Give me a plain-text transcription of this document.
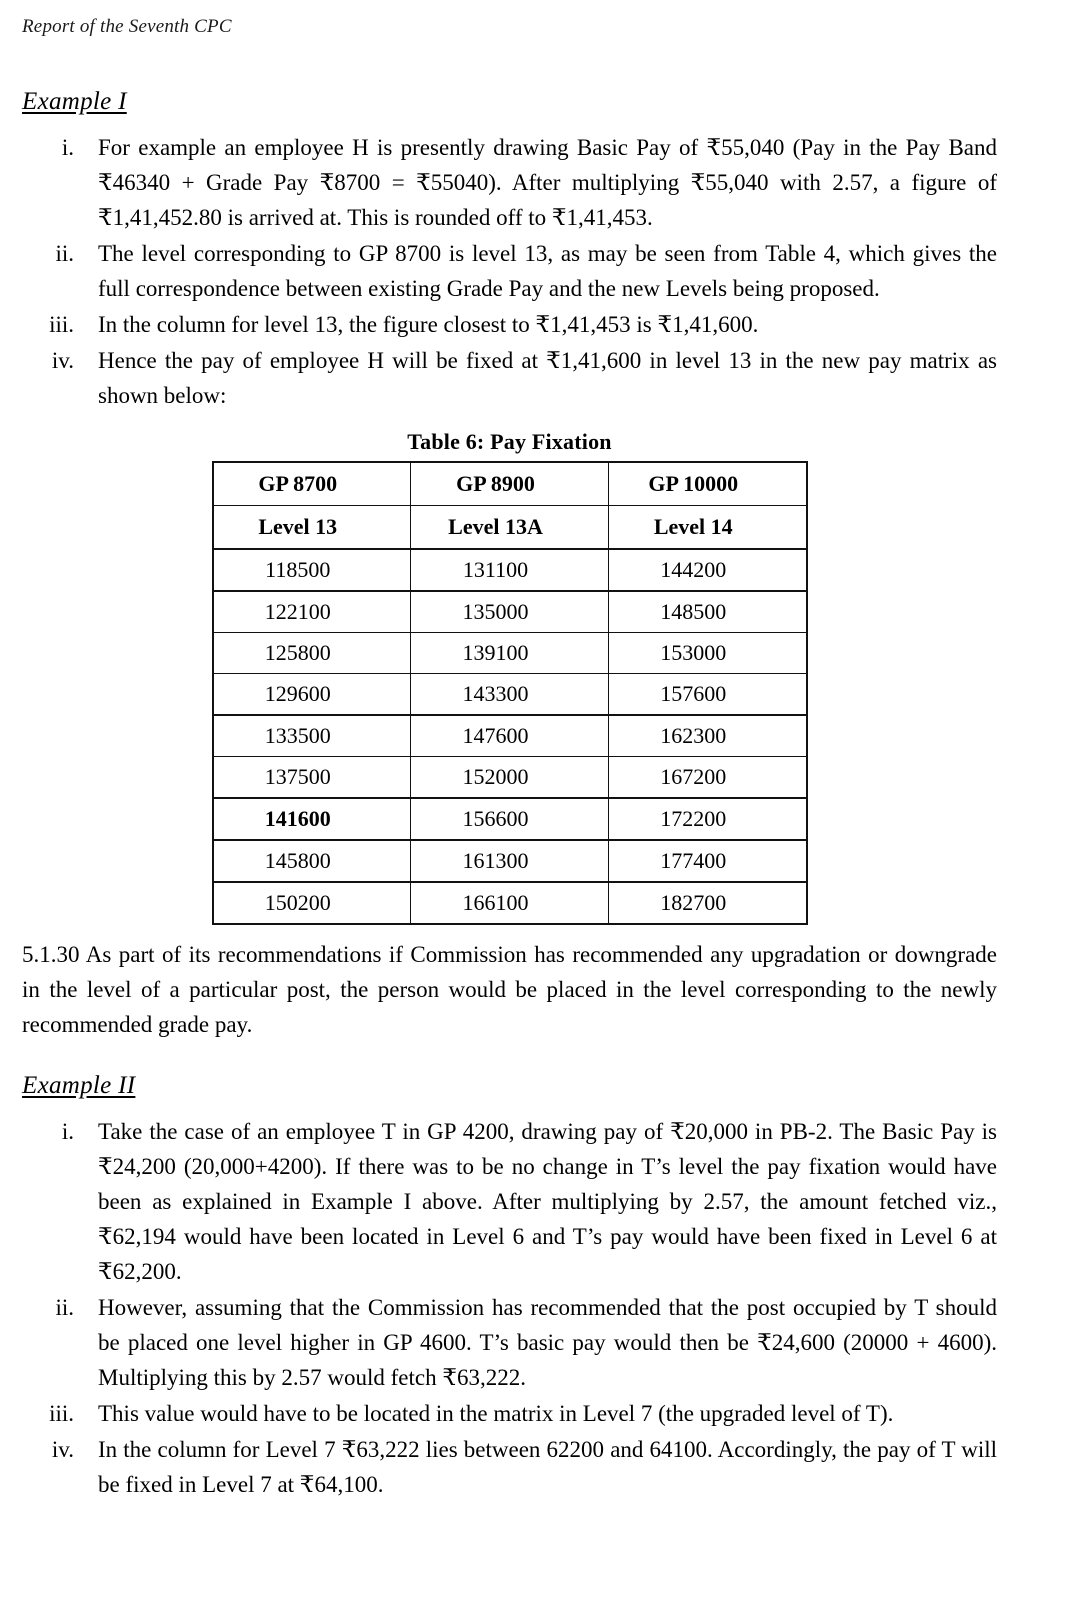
Report of the Seventh CPC
Example I
i. For example an employee H is presently drawing Basic Pay of ₹55,040 (Pay in the Pay Band ₹46340 + Grade Pay ₹8700 = ₹55040). After multiplying ₹55,040 with 2.57, a figure of ₹1,41,452.80 is arrived at. This is rounded off to ₹1,41,453.
ii. The level corresponding to GP 8700 is level 13, as may be seen from Table 4, which gives the full correspondence between existing Grade Pay and the new Levels being proposed.
iii. In the column for level 13, the figure closest to ₹1,41,453 is ₹1,41,600.
iv. Hence the pay of employee H will be fixed at ₹1,41,600 in level 13 in the new pay matrix as shown below:
Table 6: Pay Fixation
GP 8700	GP 8900	GP 10000
Level 13	Level 13A	Level 14
118500	131100	144200
122100	135000	148500
125800	139100	153000
129600	143300	157600
133500	147600	162300
137500	152000	167200
141600	156600	172200
145800	161300	177400
150200	166100	182700

5.1.30 As part of its recommendations if Commission has recommended any upgradation or downgrade in the level of a particular post, the person would be placed in the level corresponding to the newly recommended grade pay.

Example II
i. Take the case of an employee T in GP 4200, drawing pay of ₹20,000 in PB-2. The Basic Pay is ₹24,200 (20,000+4200). If there was to be no change in T’s level the pay fixation would have been as explained in Example I above. After multiplying by 2.57, the amount fetched viz., ₹62,194 would have been located in Level 6 and T’s pay would have been fixed in Level 6 at ₹62,200.
ii. However, assuming that the Commission has recommended that the post occupied by T should be placed one level higher in GP 4600. T’s basic pay would then be ₹24,600 (20000 + 4600). Multiplying this by 2.57 would fetch ₹63,222.
iii. This value would have to be located in the matrix in Level 7 (the upgraded level of T).
iv. In the column for Level 7 ₹63,222 lies between 62200 and 64100. Accordingly, the pay of T will be fixed in Level 7 at ₹64,100.
